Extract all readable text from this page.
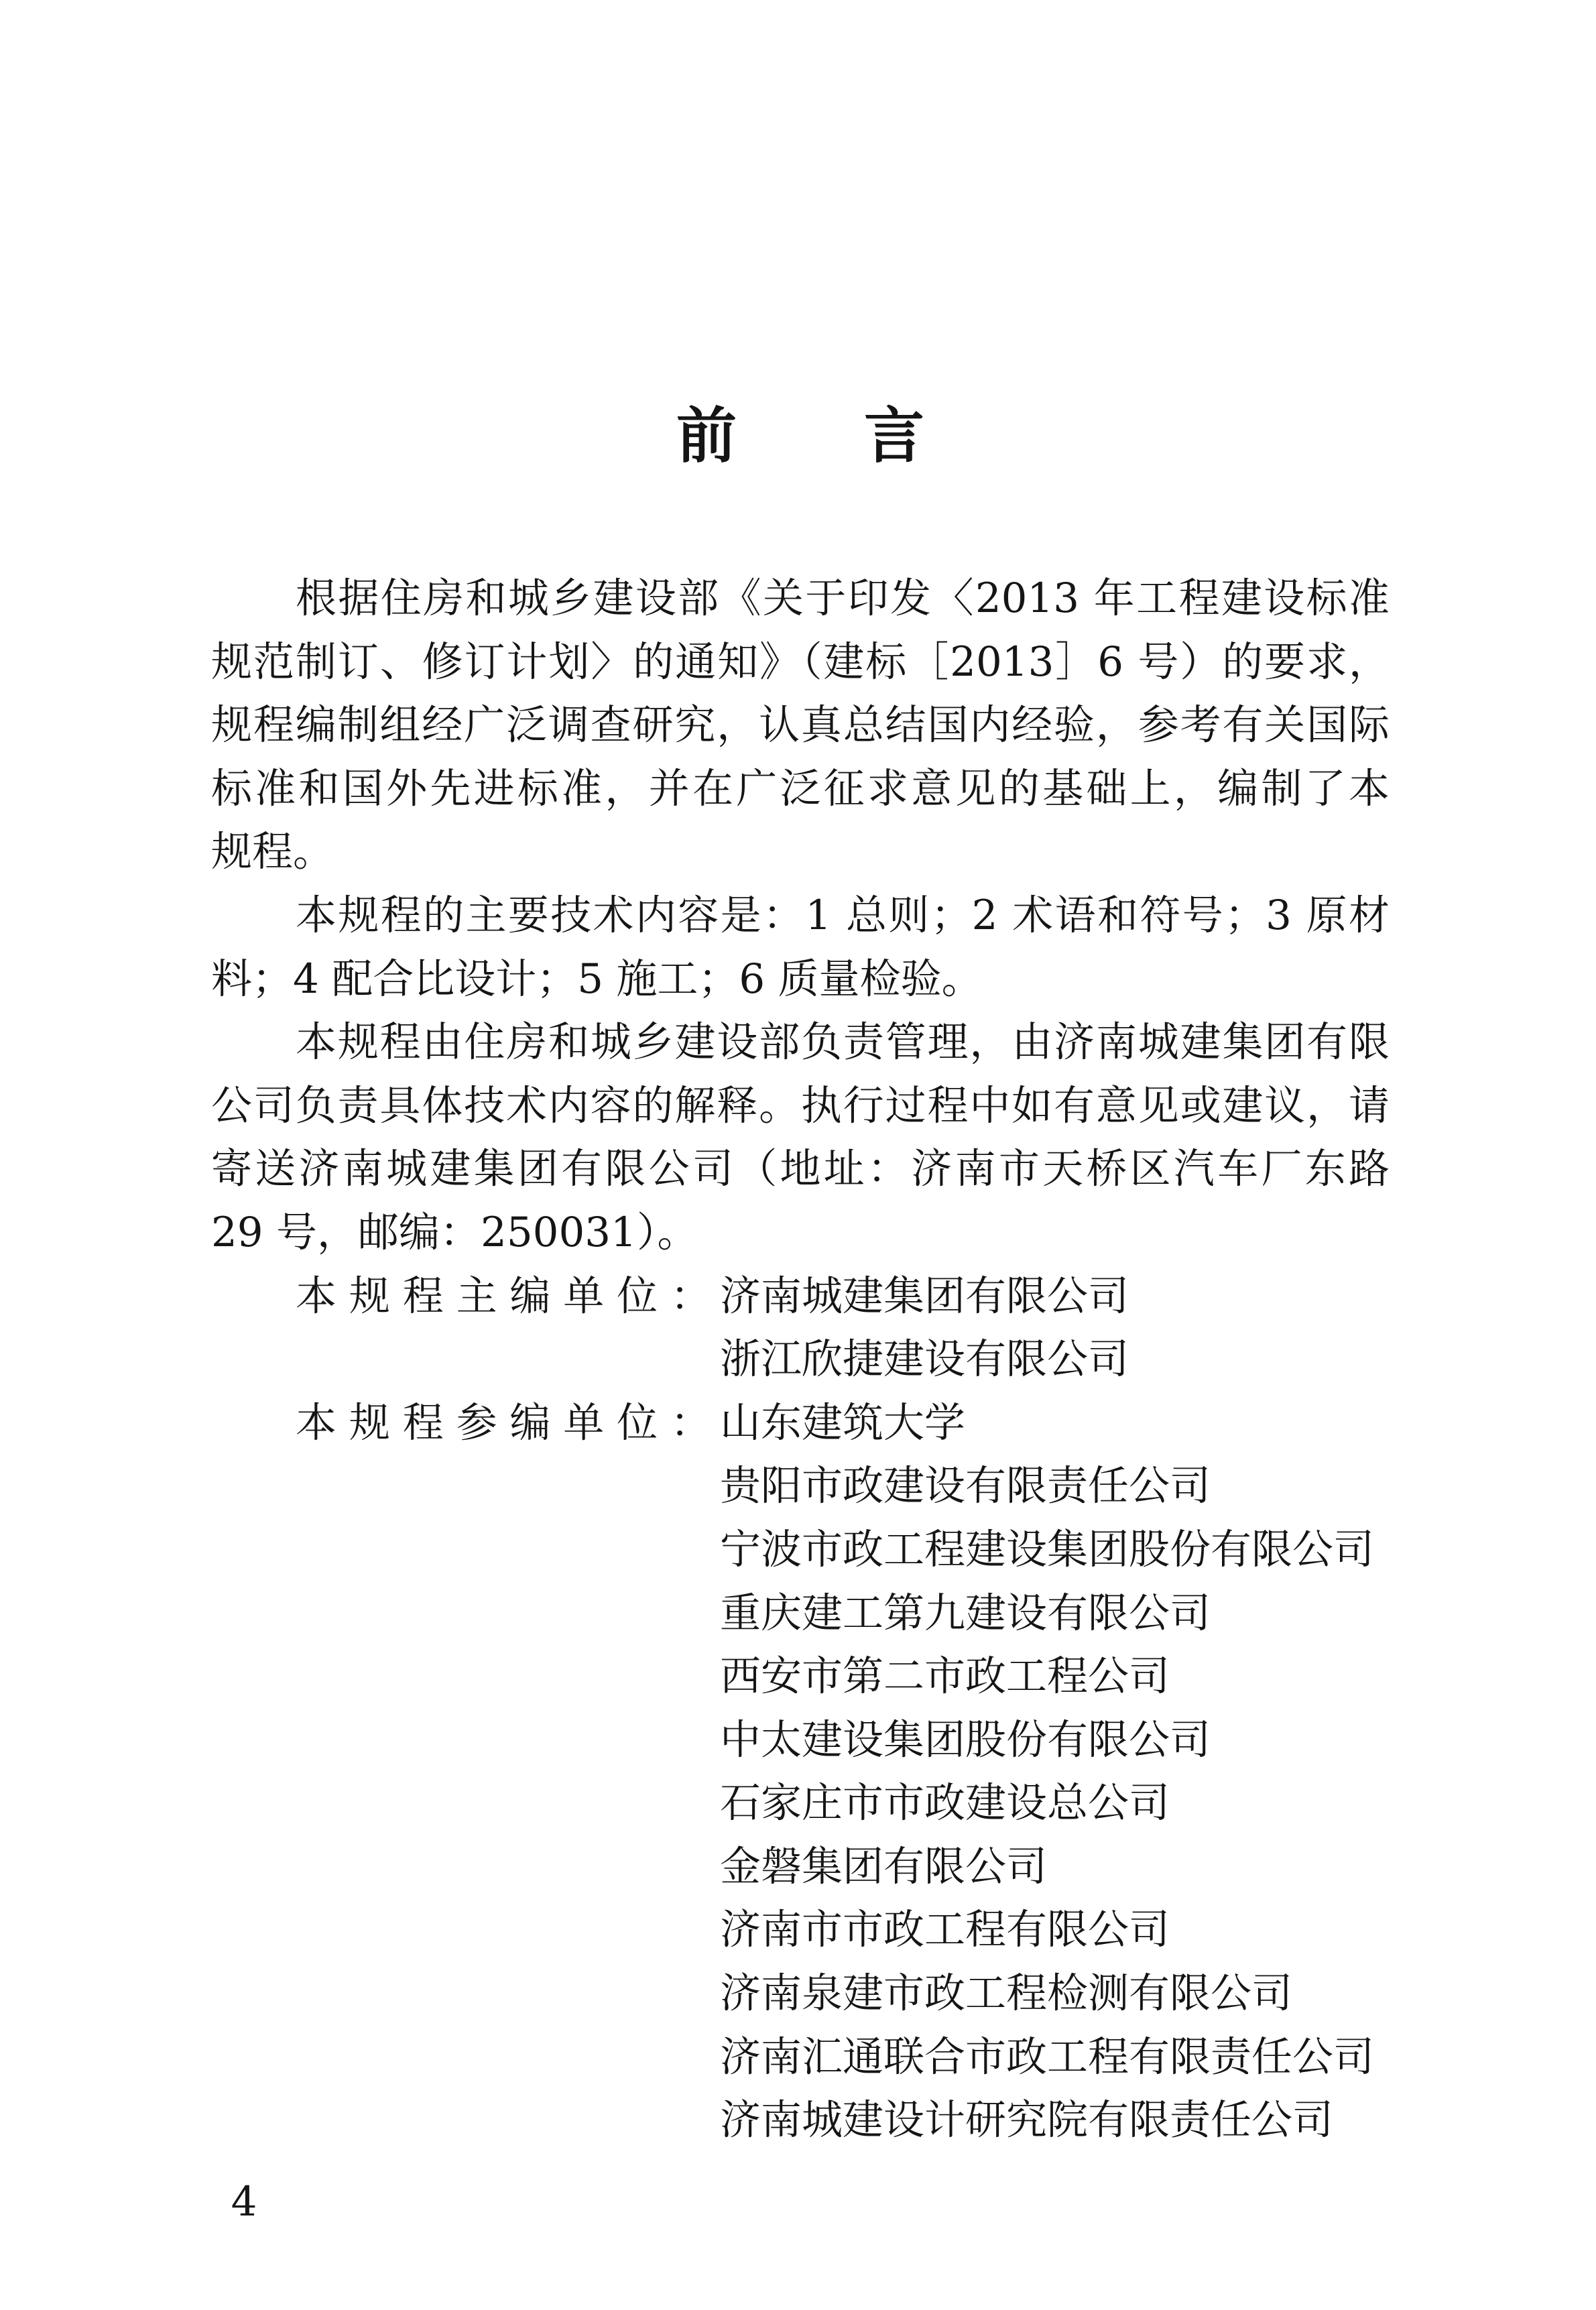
前 言
根据住房和城乡建设部《关于印发〈2013 年工程建设标准
规范制订、修订计划〉的通知》（建标［2013］6 号）的要求，
规程编制组经广泛调查研究，认真总结国内经验，参考有关国际
标准和国外先进标准，并在广泛征求意见的基础上，编制了本
规程。
本规程的主要技术内容是：1 总则；2 术语和符号；3 原材
料；4 配合比设计；5 施工；6 质量检验。
本规程由住房和城乡建设部负责管理，由济南城建集团有限
公司负责具体技术内容的解释。执行过程中如有意见或建议，请
寄送济南城建集团有限公司（地址：济南市天桥区汽车厂东路
29 号，邮编：250031）。
本规程主编单位： 济南城建集团有限公司
浙江欣捷建设有限公司
本规程参编单位： 山东建筑大学
贵阳市政建设有限责任公司
宁波市政工程建设集团股份有限公司
重庆建工第九建设有限公司
西安市第二市政工程公司
中太建设集团股份有限公司
石家庄市市政建设总公司
金磐集团有限公司
济南市市政工程有限公司
济南泉建市政工程检测有限公司
济南汇通联合市政工程有限责任公司
济南城建设计研究院有限责任公司
4
